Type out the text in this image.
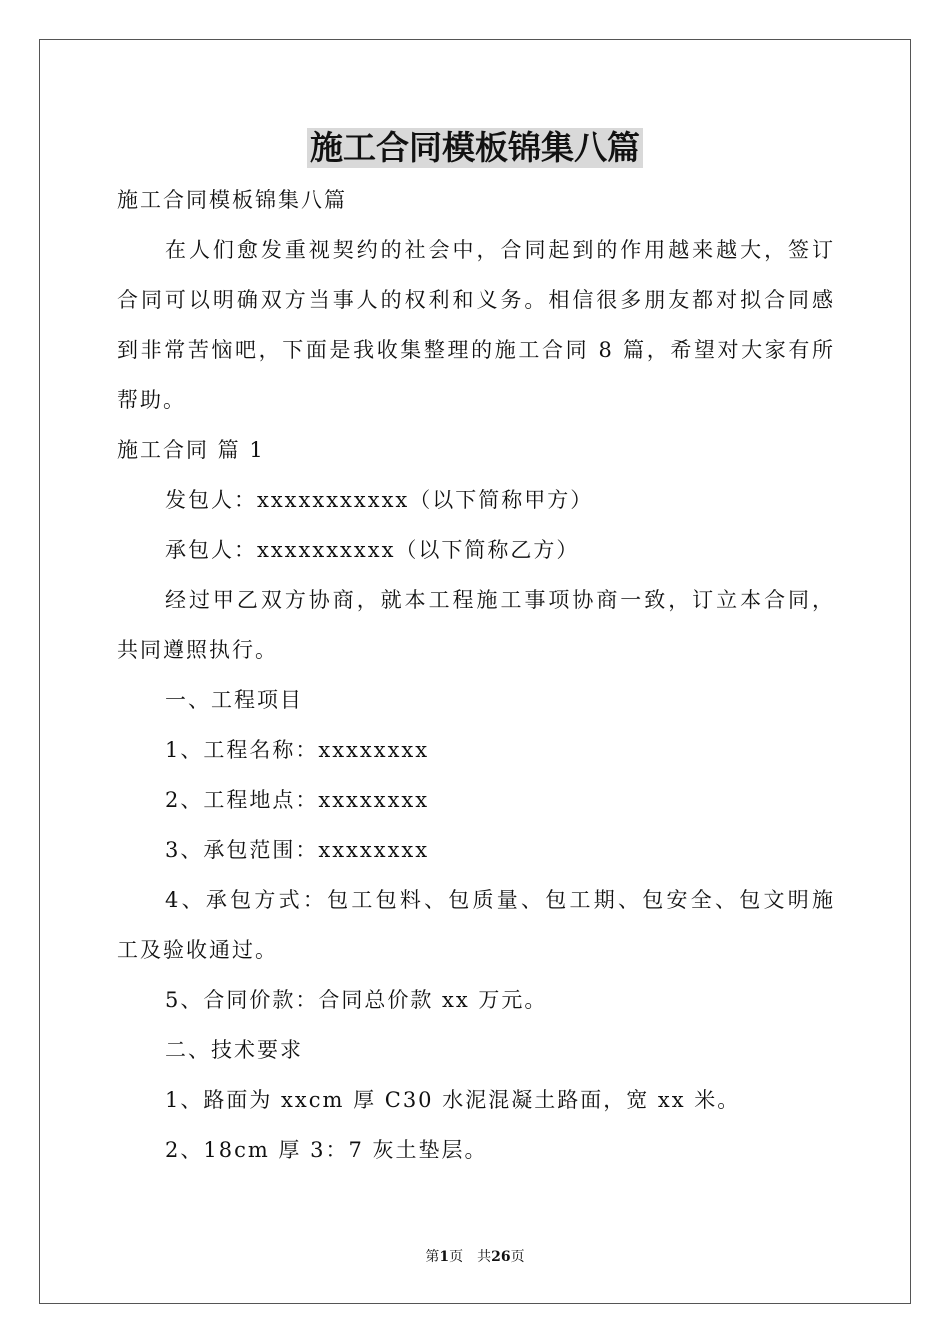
施工合同模板锦集八篇
施工合同模板锦集八篇
在人们愈发重视契约的社会中，合同起到的作用越来越大，签订
合同可以明确双方当事人的权利和义务。相信很多朋友都对拟合同感
到非常苦恼吧，下面是我收集整理的施工合同 8 篇，希望对大家有所
帮助。
施工合同 篇 1
发包人：xxxxxxxxxxx（以下简称甲方）
承包人：xxxxxxxxxx（以下简称乙方）
经过甲乙双方协商，就本工程施工事项协商一致，订立本合同，
共同遵照执行。
一、工程项目
1、工程名称：xxxxxxxx
2、工程地点：xxxxxxxx
3、承包范围：xxxxxxxx
4、承包方式：包工包料、包质量、包工期、包安全、包文明施
工及验收通过。
5、合同价款：合同总价款 xx 万元。
二、技术要求
1、路面为 xxcm 厚 C30 水泥混凝土路面，宽 xx 米。
2、18cm 厚 3：7 灰土垫层。
第1页　共26页
